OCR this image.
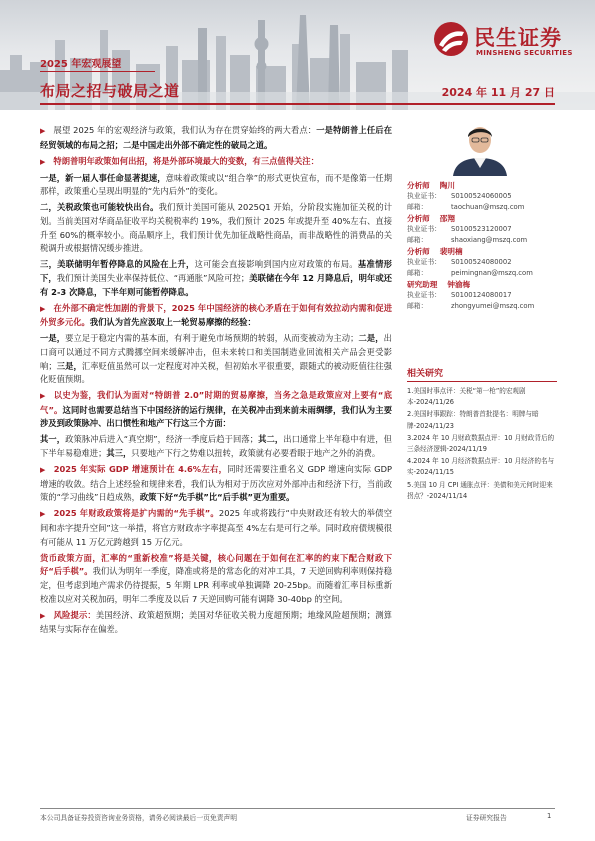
民生证券
MINSHENG SECURITIES
2025 年宏观展望
布局之招与破局之道	2024 年 11 月 27 日

▶ 展望 2025 年的宏观经济与政策，我们认为存在贯穿始终的两大看点：一是特朗普上任后在经贸领域的布局之招；二是中国走出外部不确定性的破局之道。

▶ 特朗普明年政策如何出招，将是外部环境最大的变数，有三点值得关注：

一是，新一届人事任命显著提速，意味着政策或以“组合拳”的形式更快宣布，而不是像第一任期那样，政策重心呈现出明显的“先内后外”的变化。

二，关税政策也可能较快出台。我们预计美国可能从 2025Q1 开始，分阶段实施加征关税的计划。当前美国对华商品征收平均关税税率约 19%，我们预计 2025 年或提升至 40%左右、直接升至 60%的概率较小。商品顺序上，我们预计优先加征战略性商品，而非战略性的消费品的关税调升或根据情况缓步推进。

三，美联储明年暂停降息的风险在上升，这可能会直接影响到国内应对政策的布局。基准情形下，我们预计美国失业率保持低位、“再通胀”风险可控；美联储在今年 12 月降息后，明年或还有 2-3 次降息，下半年则可能暂停降息。

▶ 在外部不确定性加剧的背景下，2025 年中国经济的核心矛盾在于如何有效拉动内需和促进外贸多元化。我们认为首先应汲取上一轮贸易摩擦的经验：

一是，要立足于稳定内需的基本面，有利于避免市场预期的转弱，从而变被动为主动；二是，出口商可以通过不同方式腾挪空间来缓解冲击，但未来转口和美国制造业回流相关产品会更受影响；三是，汇率贬值虽然可以一定程度对冲关税，但初始水平很重要，跟随式的被动贬值往往强化贬值预期。

▶ 以史为鉴，我们认为面对“特朗普 2.0”时期的贸易摩擦，当务之急是政策应对上要有“底气”。这同时也需要总结当下中国经济的运行规律，在关税冲击到来前未雨绸缪，我们认为主要涉及到政策脉冲、出口惯性和地产下行这三个方面：

其一，政策脉冲后进入“真空期”，经济一季度后趋于回落；其二，出口通常上半年稳中有进，但下半年易稳难进；其三，只要地产下行之势难以扭转，政策就有必要看眼于地产之外的消费。

▶ 2025 年实际 GDP 增速预计在 4.6%左右，同时还需要注重名义 GDP 增速向实际 GDP 增速的收敛。结合上述经验和规律来看，我们认为相对于历次应对外部冲击和经济下行，当前政策的“学习曲线”日趋成熟，政策下好“先手棋”比“后手棋”更为重要。

▶ 2025 年财政政策将是扩内需的“先手棋”。2025 年或将践行“中央财政还有较大的举债空间和赤字提升空间”这一举措，将官方财政赤字率提高至 4%左右是可行之举。同时政府债规模很有可能从 11 万亿元跨越到 15 万亿元。

货币政策方面，汇率的“重新校准”将是关键，核心问题在于如何在汇率的约束下配合财政下好“后手棋”。我们认为明年一季度，降准或将是的常态化的对冲工具，7 天逆回购利率则保持稳定，但考虑到地产需求仍待提振，5 年期 LPR 利率或单独调降 20-25bp。而随着汇率目标重新校准以应对关税加码，明年二季度及以后 7 天逆回购可能有调降 30-40bp 的空间。

▶ 风险提示：美国经济、政策超预期；美国对华征收关税力度超预期；地缘风险超预期；测算结果与实际存在偏差。

分析师 陶川
执业证书： S0100524060005
邮箱：	taochuan@mszq.com
分析师 邵翔
执业证书： S0100523120007
邮箱：	shaoxiang@mszq.com
分析师 裴明楠
执业证书： S0100524080002
邮箱：	peimingnan@mszq.com
研究助理 钟渝梅
执业证书： S0100124080017
邮箱：	zhongyumei@mszq.com
相关研究
1.美国时事点评：关税“第一枪”的宏观剧本-2024/11/26
2.美国时事跟踪：特朗普首批提名：明牌与暗牌-2024/11/23
3.2024 年 10 月财政数据点评：10 月财政背后的三条经济逻辑-2024/11/19
4.2024 年 10 月经济数据点评：10 月经济的名与实-2024/11/15
5.美国 10 月 CPI 通胀点评：美债和美元何时迎来拐点？-2024/11/14
本公司具备证券投资咨询业务资格，请务必阅读最后一页免责声明	证券研究报告	1
